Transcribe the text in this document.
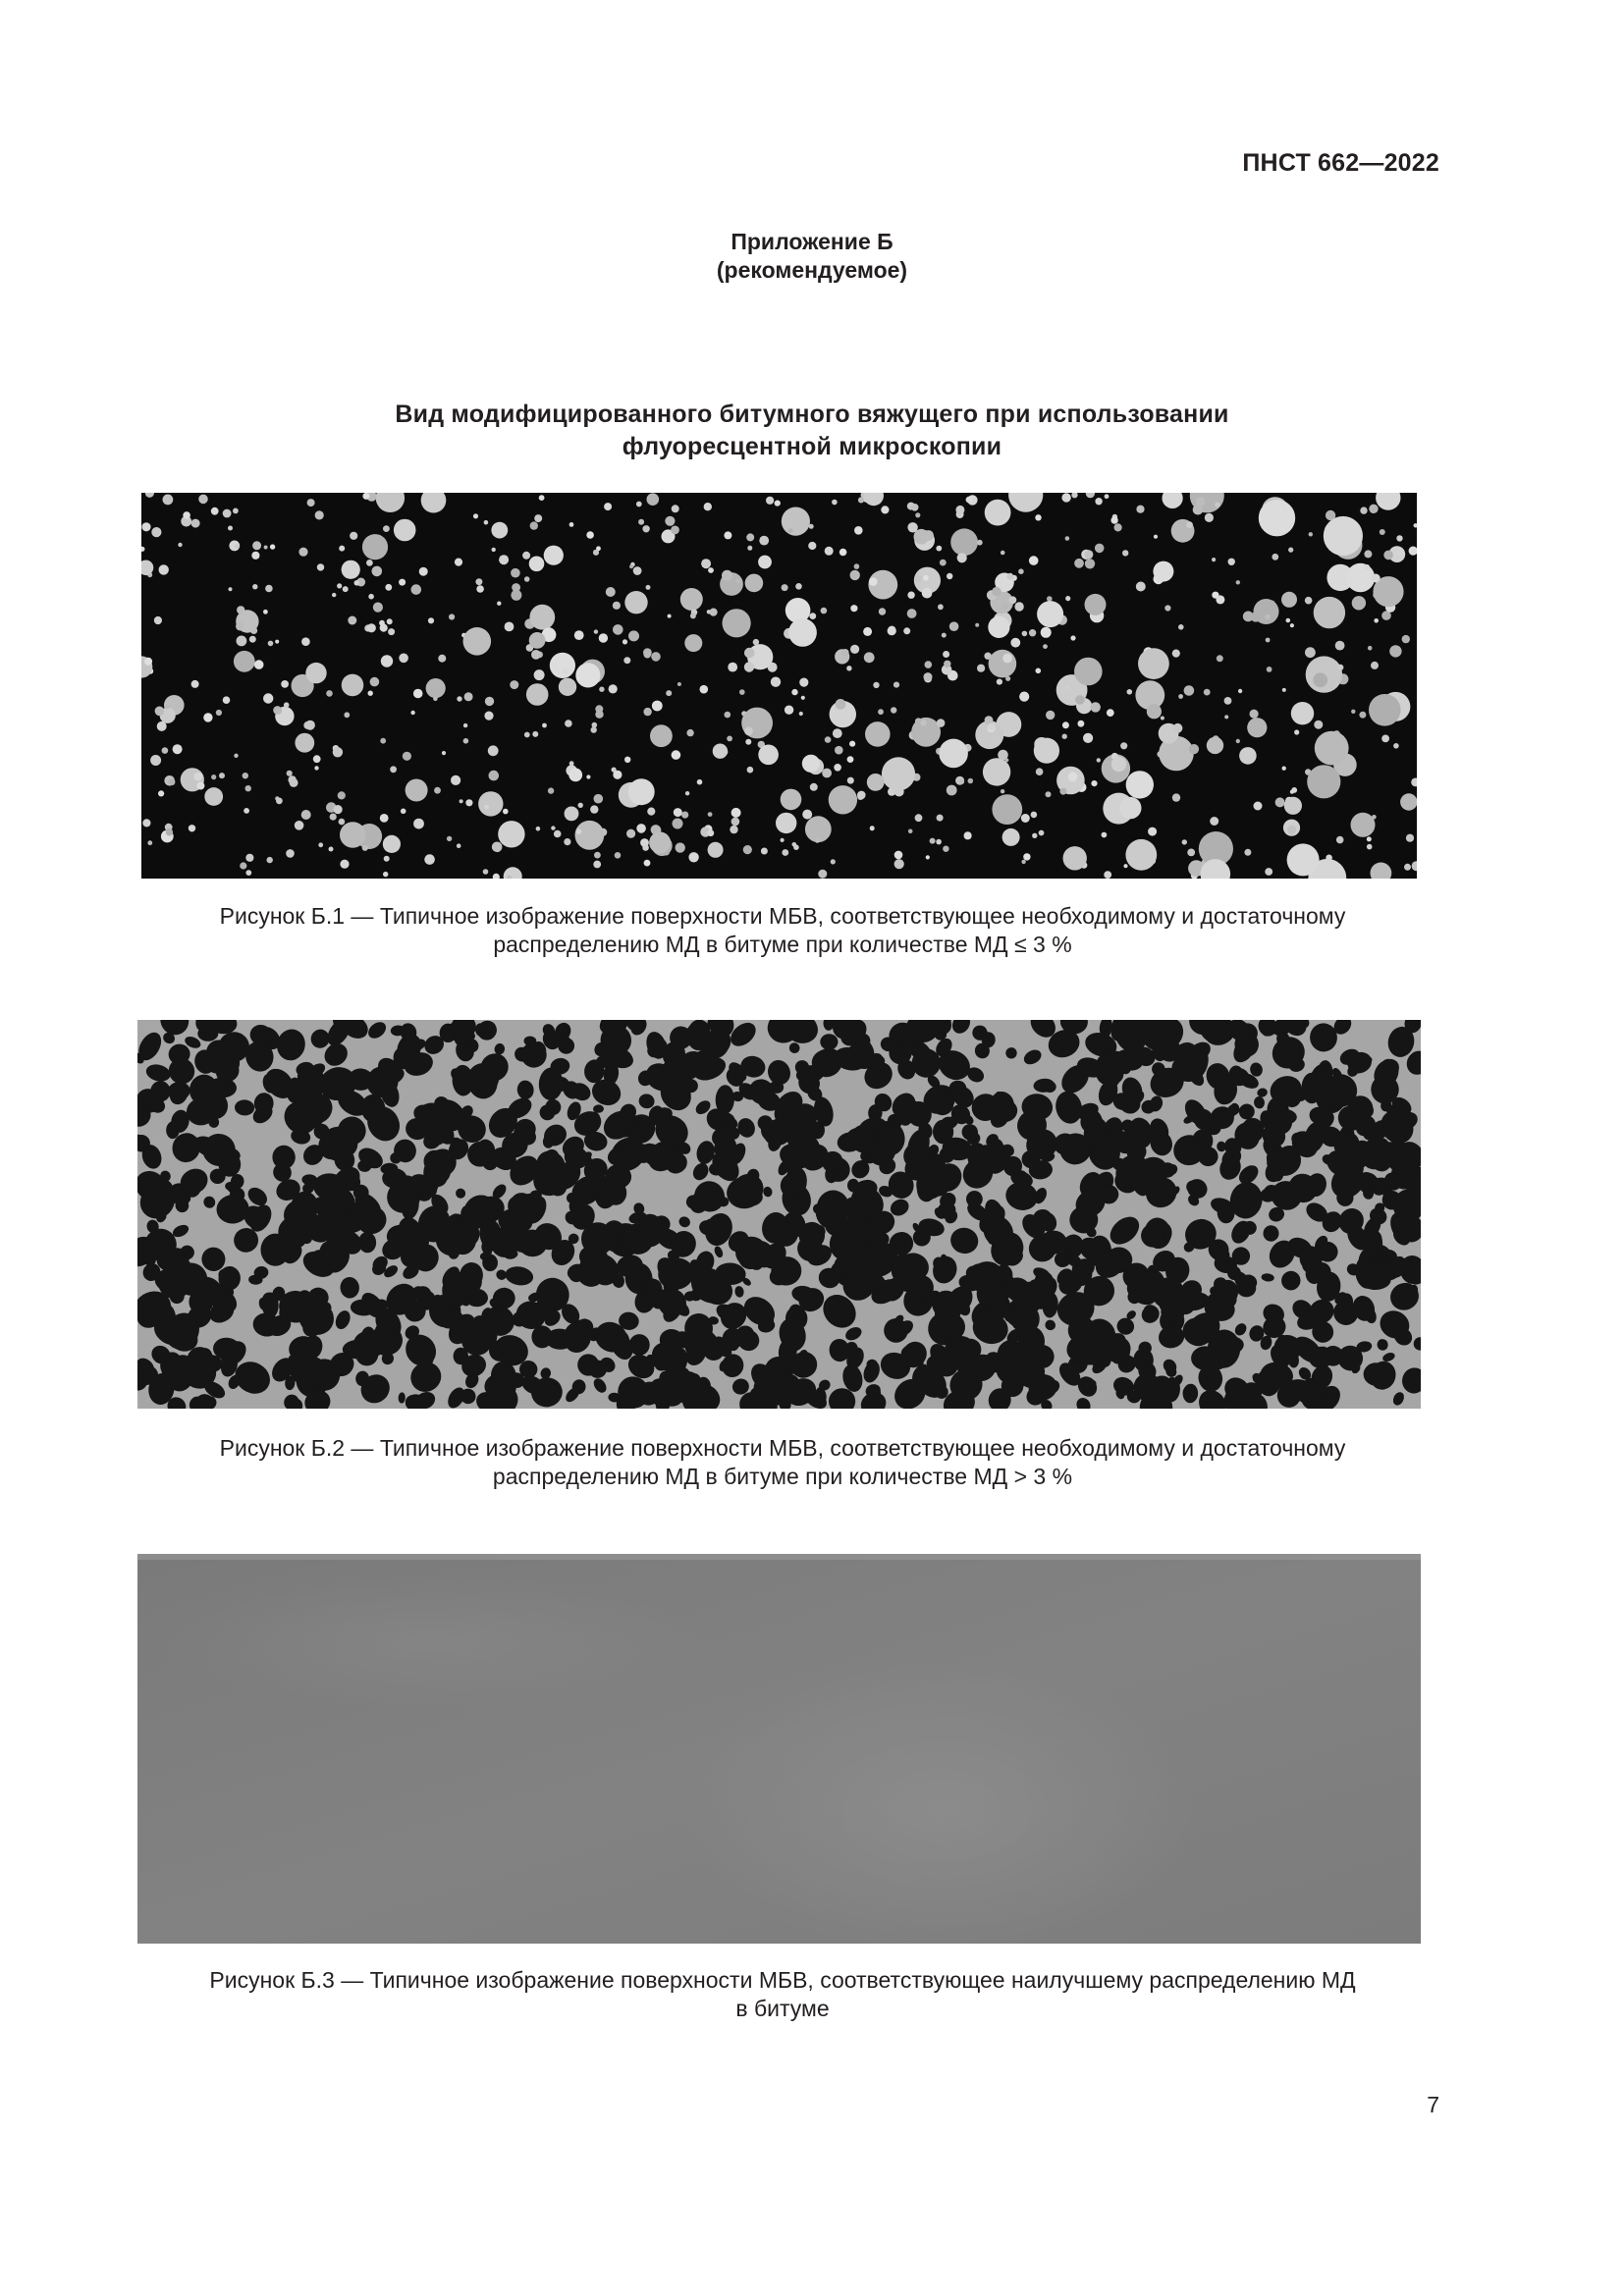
ПНСТ 662—2022
Приложение Б
(рекомендуемое)
Вид модифицированного битумного вяжущего при использовании
флуоресцентной микроскопии
Рисунок Б.1 — Типичное изображение поверхности МБВ, соответствующее необходимому и достаточному
распределению МД в битуме при количестве МД ≤ 3 %
Рисунок Б.2 — Типичное изображение поверхности МБВ, соответствующее необходимому и достаточному
распределению МД в битуме при количестве МД > 3 %
Рисунок Б.3 — Типичное изображение поверхности МБВ, соответствующее наилучшему распределению МД
в битуме
7
